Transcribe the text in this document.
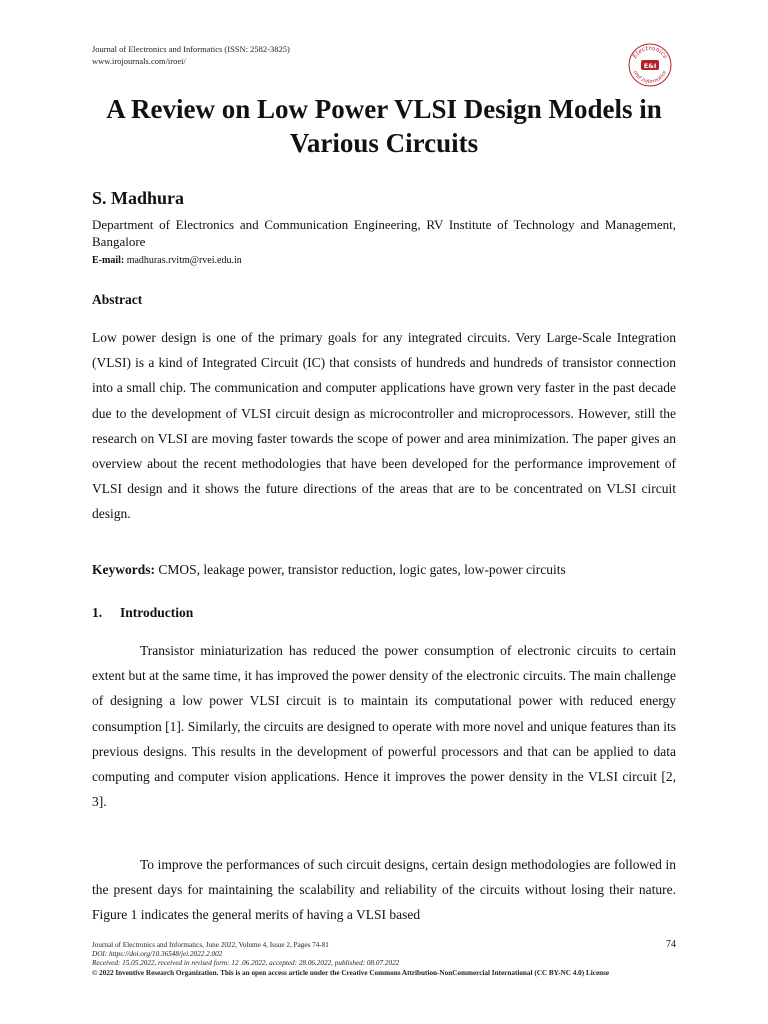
Journal of Electronics and Informatics (ISSN: 2582-3825)
www.irojournals.com/iroei/	Electronics
E&I
and Informatics
A Review on Low Power VLSI Design Models in Various Circuits
S. Madhura
Department of Electronics and Communication Engineering, RV Institute of Technology and Management, Bangalore
E-mail: madhuras.rvitm@rvei.edu.in
Abstract
Low power design is one of the primary goals for any integrated circuits. Very Large-Scale Integration (VLSI) is a kind of Integrated Circuit (IC) that consists of hundreds and hundreds of transistor connection into a small chip. The communication and computer applications have grown very faster in the past decade due to the development of VLSI circuit design as microcontroller and microprocessors. However, still the research on VLSI are moving faster towards the scope of power and area minimization. The paper gives an overview about the recent methodologies that have been developed for the performance improvement of VLSI design and it shows the future directions of the areas that are to be concentrated on VLSI circuit design.
Keywords: CMOS, leakage power, transistor reduction, logic gates, low-power circuits
1. Introduction
Transistor miniaturization has reduced the power consumption of electronic circuits to certain extent but at the same time, it has improved the power density of the electronic circuits. The main challenge of designing a low power VLSI circuit is to maintain its computational power with reduced energy consumption [1]. Similarly, the circuits are designed to operate with more novel and unique features than its previous designs. This results in the development of powerful processors and that can be applied to data computing and computer vision applications. Hence it improves the power density in the VLSI circuit [2, 3].
To improve the performances of such circuit designs, certain design methodologies are followed in the present days for maintaining the scalability and reliability of the circuits without losing their nature. Figure 1 indicates the general merits of having a VLSI based
Journal of Electronics and Informatics, June 2022, Volume 4, Issue 2, Pages 74-81
DOI: https://doi.org/10.36548/jei.2022.2.002
Received: 15.05.2022, received in revised form: 12 .06.2022, accepted: 28.06.2022, published: 08.07.2022
© 2022 Inventive Research Organization. This is an open access article under the Creative Commons Attribution-NonCommercial International (CC BY-NC 4.0) License
74
